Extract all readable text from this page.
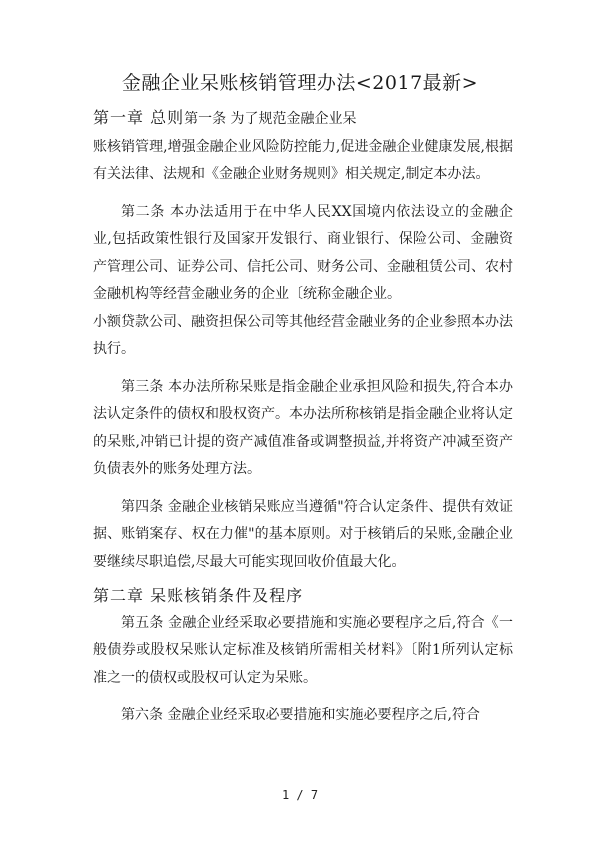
金融企业呆账核销管理办法<2017最新>

第一章 总则第一条 为了规范金融企业呆

账核销管理,增强金融企业风险防控能力,促进金融企业健康发展,根据有关法律、法规和《金融企业财务规则》相关规定,制定本办法。

第二条 本办法适用于在中华人民XX国境内依法设立的金融企业,包括政策性银行及国家开发银行、商业银行、保险公司、金融资产管理公司、证券公司、信托公司、财务公司、金融租赁公司、农村金融机构等经营金融业务的企业〔统称金融企业。

小额贷款公司、融资担保公司等其他经营金融业务的企业参照本办法执行。

第三条 本办法所称呆账是指金融企业承担风险和损失,符合本办法认定条件的债权和股权资产。本办法所称核销是指金融企业将认定的呆账,冲销已计提的资产减值准备或调整损益,并将资产冲减至资产负债表外的账务处理方法。

第四条 金融企业核销呆账应当遵循"符合认定条件、提供有效证据、账销案存、权在力催"的基本原则。对于核销后的呆账,金融企业要继续尽职追偿,尽最大可能实现回收价值最大化。

第二章 呆账核销条件及程序

第五条 金融企业经采取必要措施和实施必要程序之后,符合《一般债券或股权呆账认定标准及核销所需相关材料》〔附1所列认定标准之一的债权或股权可认定为呆账。

第六条 金融企业经采取必要措施和实施必要程序之后,符合

1 / 7
